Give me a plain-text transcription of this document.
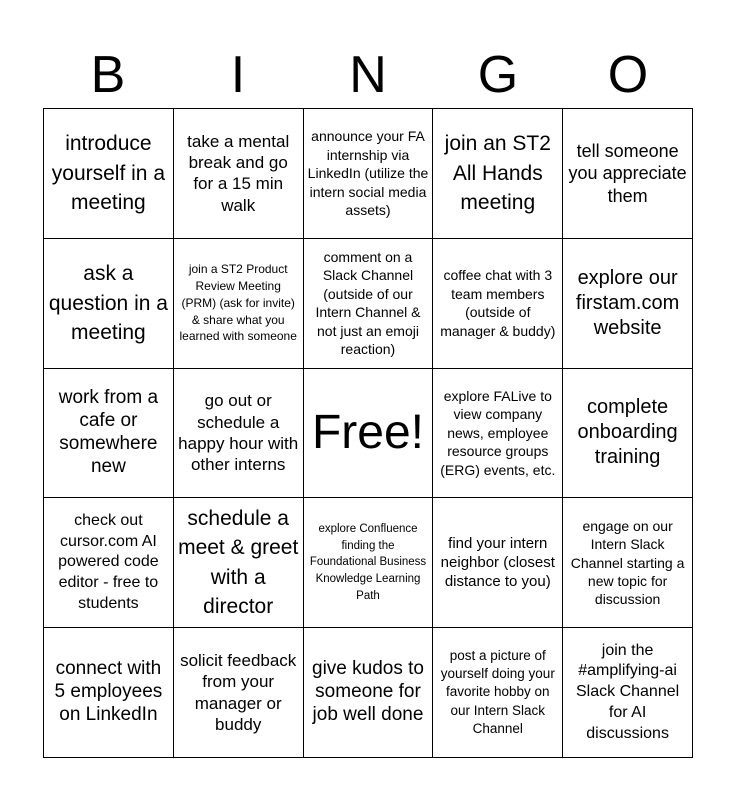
B	I	N	G	O
introduce yourself in a meeting
take a mental break and go for a 15 min walk
announce your FA internship via LinkedIn (utilize the intern social media assets)
join an ST2 All Hands meeting
tell someone you appreciate them
ask a question in a meeting
join a ST2 Product Review Meeting (PRM) (ask for invite) & share what you learned with someone
comment on a Slack Channel (outside of our Intern Channel & not just an emoji reaction)
coffee chat with 3 team members (outside of manager & buddy)
explore our firstam.com website
work from a cafe or somewhere new
go out or schedule a happy hour with other interns
Free!
explore FALive to view company news, employee resource groups (ERG) events, etc.
complete onboarding training
check out cursor.com AI powered code editor - free to students
schedule a meet & greet with a director
explore Confluence finding the Foundational Business Knowledge Learning Path
find your intern neighbor (closest distance to you)
engage on our Intern Slack Channel starting a new topic for discussion
connect with 5 employees on LinkedIn
solicit feedback from your manager or buddy
give kudos to someone for job well done
post a picture of yourself doing your favorite hobby on our Intern Slack Channel
join the #amplifying-ai Slack Channel for AI discussions
